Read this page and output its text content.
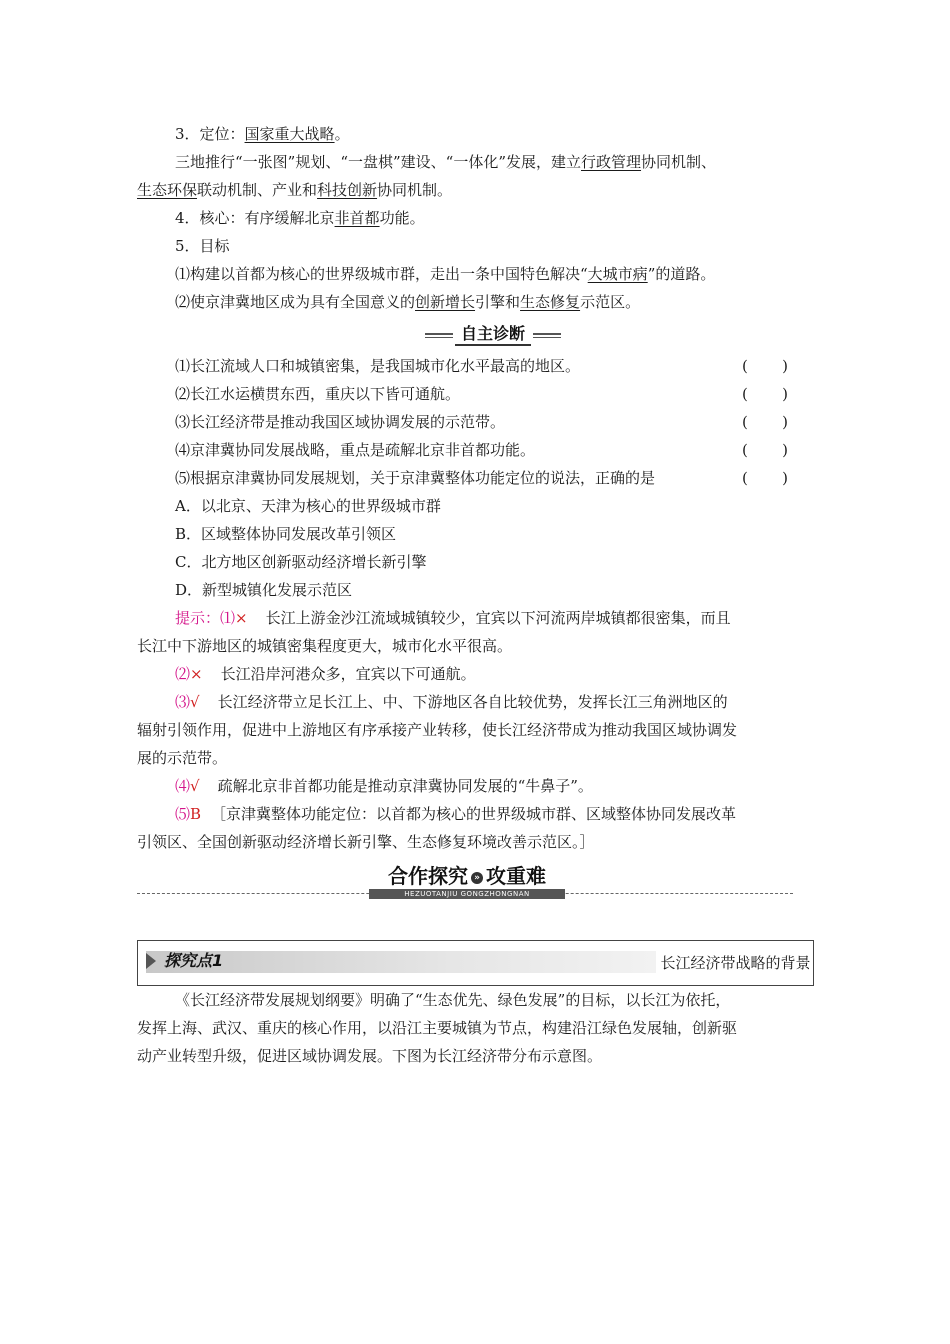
3．定位：国家重大战略。
三地推行“一张图”规划、“一盘棋”建设、“一体化”发展，建立行政管理协同机制、
生态环保联动机制、产业和科技创新协同机制。
4．核心：有序缓解北京非首都功能。
5．目标
⑴构建以首都为核心的世界级城市群，走出一条中国特色解决“大城市病”的道路。
⑵使京津冀地区成为具有全国意义的创新增长引擎和生态修复示范区。
自主诊断
⑴长江流域人口和城镇密集，是我国城市化水平最高的地区。	( )
⑵长江水运横贯东西，重庆以下皆可通航。	( )
⑶长江经济带是推动我国区域协调发展的示范带。	( )
⑷京津冀协同发展战略，重点是疏解北京非首都功能。	( )
⑸根据京津冀协同发展规划，关于京津冀整体功能定位的说法，正确的是	( )
A．以北京、天津为核心的世界级城市群
B．区域整体协同发展改革引领区
C．北方地区创新驱动经济增长新引擎
D．新型城镇化发展示范区
提示：⑴× 长江上游金沙江流域城镇较少，宜宾以下河流两岸城镇都很密集，而且
长江中下游地区的城镇密集程度更大，城市化水平很高。
⑵× 长江沿岸河港众多，宜宾以下可通航。
⑶√ 长江经济带立足长江上、中、下游地区各自比较优势，发挥长江三角洲地区的
辐射引领作用，促进中上游地区有序承接产业转移，使长江经济带成为推动我国区域协调发
展的示范带。
⑷√ 疏解北京非首都功能是推动京津冀协同发展的“牛鼻子”。
⑸B ［京津冀整体功能定位：以首都为核心的世界级城市群、区域整体协同发展改革
引领区、全国创新驱动经济增长新引擎、生态修复环境改善示范区。］
合作探究 » 攻重难
HEZUOTANJIU GONGZHONGNAN
探究点1	长江经济带战略的背景
《长江经济带发展规划纲要》明确了“生态优先、绿色发展”的目标，以长江为依托，
发挥上海、武汉、重庆的核心作用，以沿江主要城镇为节点，构建沿江绿色发展轴，创新驱
动产业转型升级，促进区域协调发展。下图为长江经济带分布示意图。
